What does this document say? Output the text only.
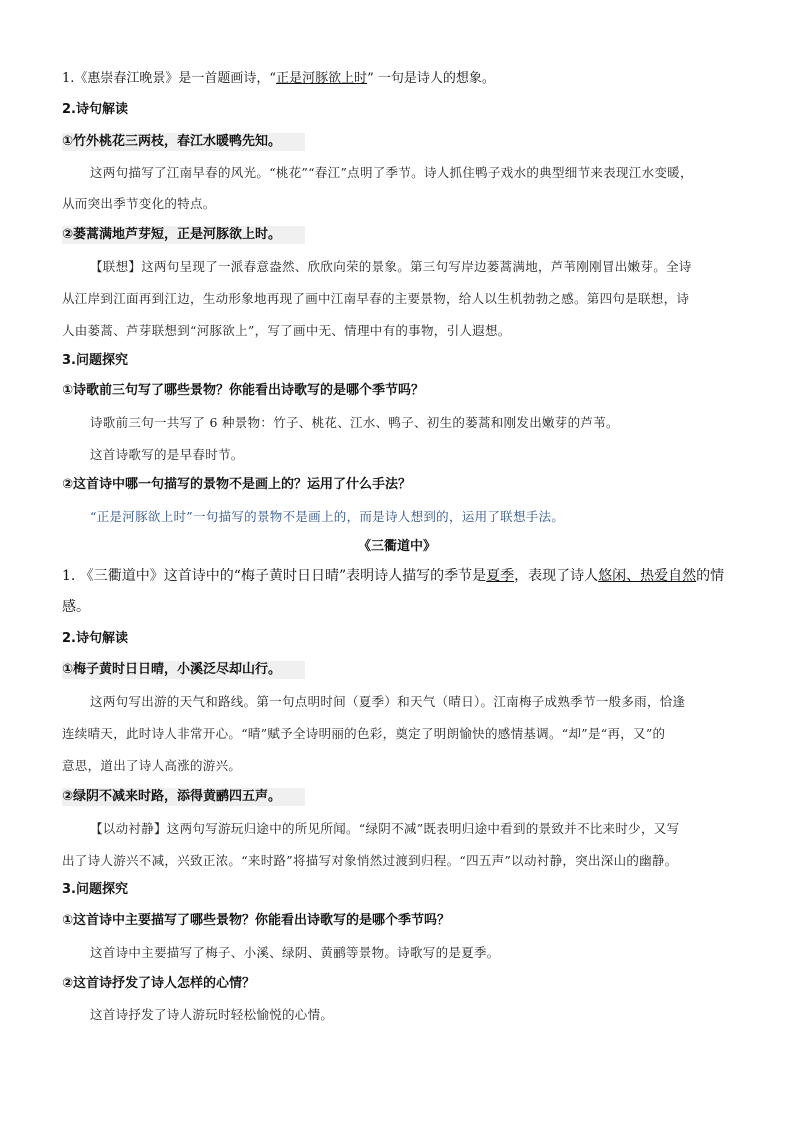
1.《惠崇春江晚景》是一首题画诗，“正是河豚欲上时” 一句是诗人的想象。
2.诗句解读
①竹外桃花三两枝，春江水暖鸭先知。
这两句描写了江南早春的风光。“桃花”“春江”点明了季节。诗人抓住鸭子戏水的典型细节来表现江水变暖，
从而突出季节变化的特点。
②蒌蒿满地芦芽短，正是河豚欲上时。
【联想】这两句呈现了一派春意盎然、欣欣向荣的景象。第三句写岸边蒌蒿满地，芦苇刚刚冒出嫩芽。全诗
从江岸到江面再到江边，生动形象地再现了画中江南早春的主要景物，给人以生机勃勃之感。第四句是联想，诗
人由蒌蒿、芦芽联想到“河豚欲上”，写了画中无、情理中有的事物，引人遐想。
3.问题探究
①诗歌前三句写了哪些景物？你能看出诗歌写的是哪个季节吗？
诗歌前三句一共写了 6 种景物：竹子、桃花、江水、鸭子、初生的蒌蒿和刚发出嫩芽的芦苇。
这首诗歌写的是早春时节。
②这首诗中哪一句描写的景物不是画上的？运用了什么手法？
“正是河豚欲上时”一句描写的景物不是画上的，而是诗人想到的，运用了联想手法。
《三衢道中》
1. 《三衢道中》这首诗中的“梅子黄时日日晴”表明诗人描写的季节是夏季，表现了诗人悠闲、热爱自然的情
感。
2.诗句解读
①梅子黄时日日晴，小溪泛尽却山行。
这两句写出游的天气和路线。第一句点明时间（夏季）和天气（晴日）。江南梅子成熟季节一般多雨，恰逢
连续晴天，此时诗人非常开心。“晴”赋予全诗明丽的色彩，奠定了明朗愉快的感情基调。“却”是“再，又”的
意思，道出了诗人高涨的游兴。
②绿阴不减来时路，添得黄鹂四五声。
【以动衬静】这两句写游玩归途中的所见所闻。“绿阴不减”既表明归途中看到的景致并不比来时少，又写
出了诗人游兴不减，兴致正浓。“来时路”将描写对象悄然过渡到归程。“四五声”以动衬静，突出深山的幽静。
3.问题探究
①这首诗中主要描写了哪些景物？你能看出诗歌写的是哪个季节吗？
这首诗中主要描写了梅子、小溪、绿阴、黄鹂等景物。诗歌写的是夏季。
②这首诗抒发了诗人怎样的心情？
这首诗抒发了诗人游玩时轻松愉悦的心情。
